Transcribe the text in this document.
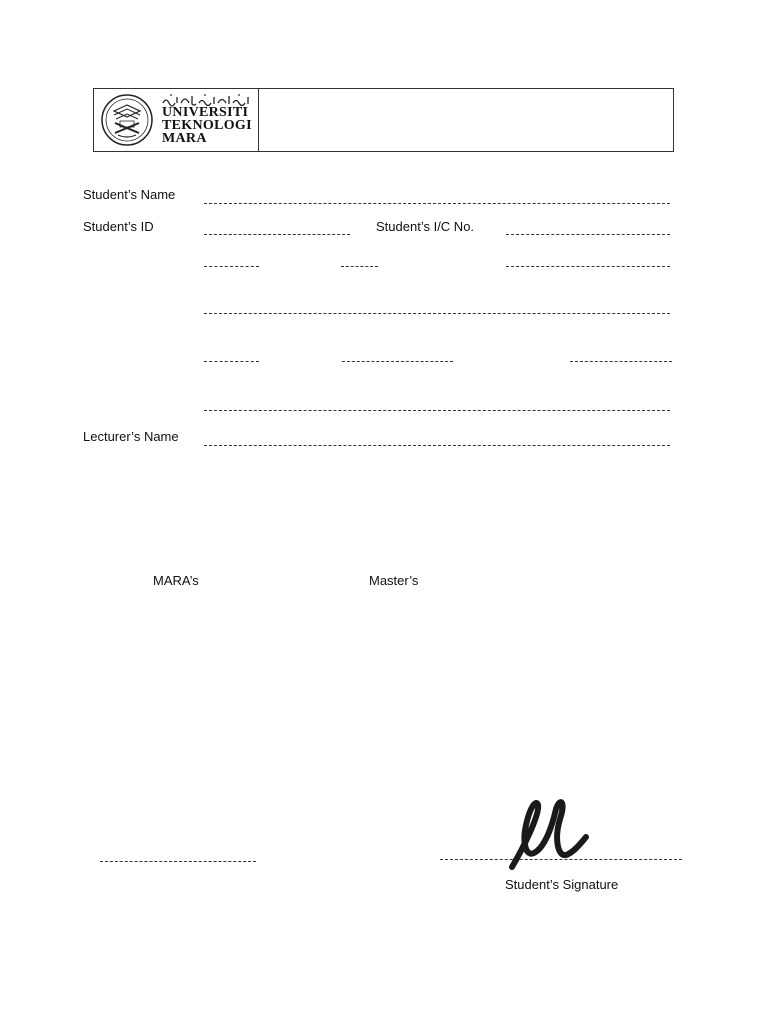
UNIVERSITI
TEKNOLOGI
MARA
Student’s Name
Student’s ID	Student’s I/C No.
Lecturer’s Name
MARA’s	Master’s
Student’s Signature
